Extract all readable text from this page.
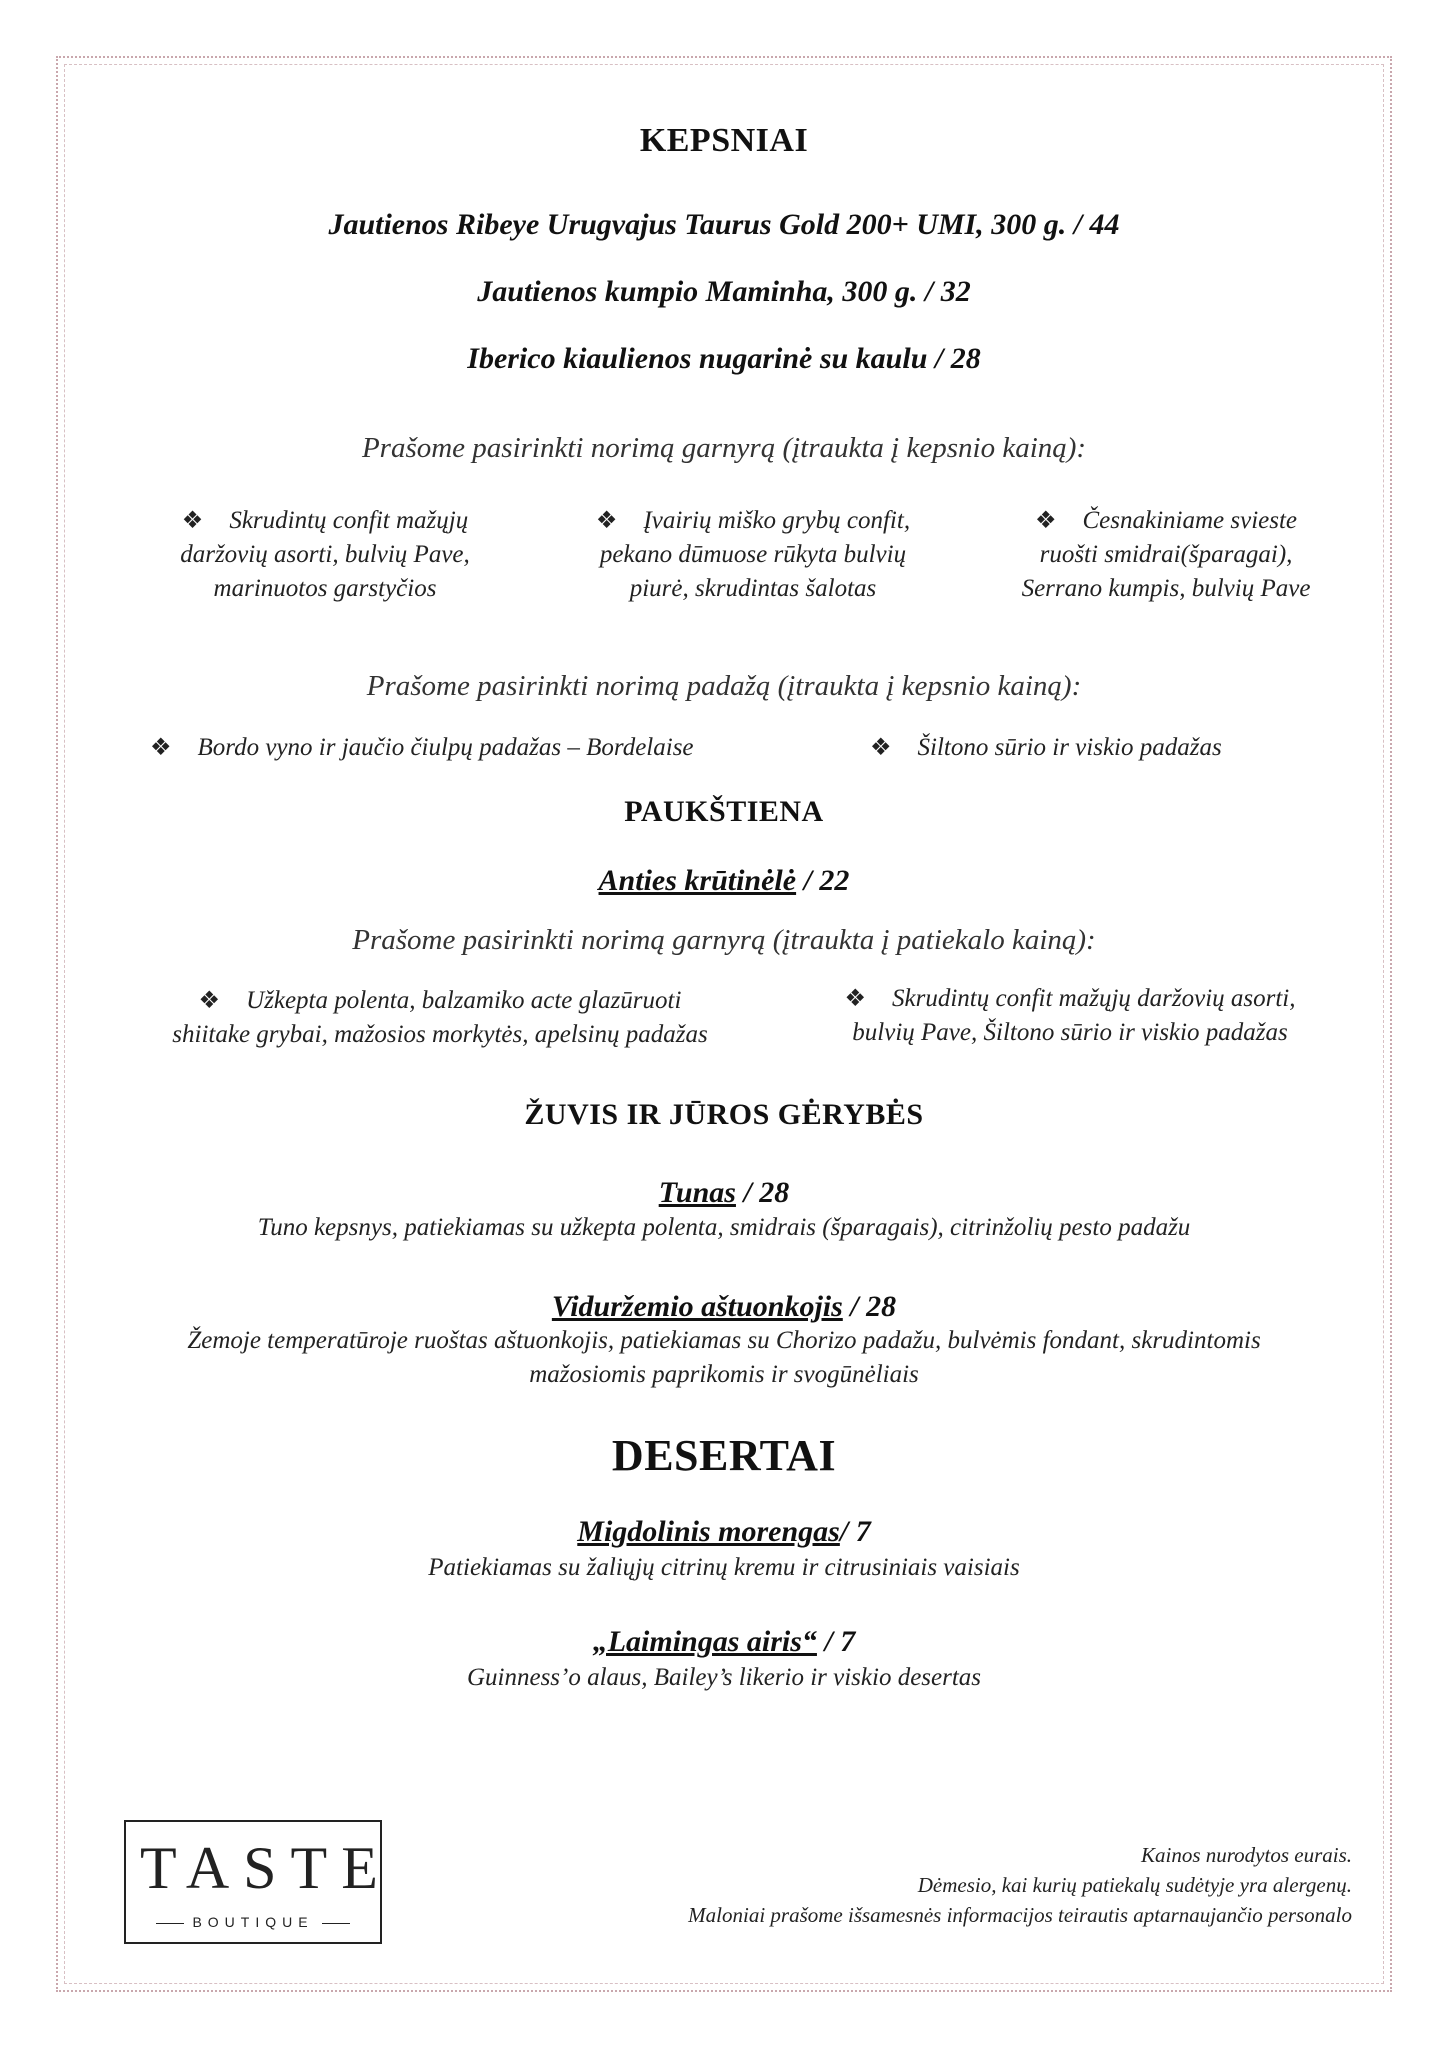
KEPSNIAI
Jautienos Ribeye Urugvajus Taurus Gold 200+ UMI, 300 g. / 44
Jautienos kumpio Maminha, 300 g. / 32
Iberico kiaulienos nugarinė su kaulu / 28
Prašome pasirinkti norimą garnyrą (įtraukta į kepsnio kainą):
❖ Skrudintų confit mažųjų
daržovių asorti, bulvių Pave,
marinuotos garstyčios
❖ Įvairių miško grybų confit,
pekano dūmuose rūkyta bulvių
piurė, skrudintas šalotas
❖ Česnakiniame svieste
ruošti smidrai(šparagai),
Serrano kumpis, bulvių Pave
Prašome pasirinkti norimą padažą (įtraukta į kepsnio kainą):
❖ Bordo vyno ir jaučio čiulpų padažas – Bordelaise	❖ Šiltono sūrio ir viskio padažas
PAUKŠTIENA
Anties krūtinėlė / 22
Prašome pasirinkti norimą garnyrą (įtraukta į patiekalo kainą):
❖ Užkepta polenta, balzamiko acte glazūruoti
shiitake grybai, mažosios morkytės, apelsinų padažas
❖ Skrudintų confit mažųjų daržovių asorti,
bulvių Pave, Šiltono sūrio ir viskio padažas
ŽUVIS IR JŪROS GĖRYBĖS
Tunas / 28
Tuno kepsnys, patiekiamas su užkepta polenta, smidrais (šparagais), citrinžolių pesto padažu
Viduržemio aštuonkojis / 28
Žemoje temperatūroje ruoštas aštuonkojis, patiekiamas su Chorizo padažu, bulvėmis fondant, skrudintomis
mažosiomis paprikomis ir svogūnėliais
DESERTAI
Migdolinis morengas/ 7
Patiekiamas su žaliųjų citrinų kremu ir citrusiniais vaisiais
„Laimingas airis“ / 7
Guinness’o alaus, Bailey’s likerio ir viskio desertas
TASTE
BOUTIQUE
Kainos nurodytos eurais.
Dėmesio, kai kurių patiekalų sudėtyje yra alergenų.
Maloniai prašome išsamesnės informacijos teirautis aptarnaujančio personalo
